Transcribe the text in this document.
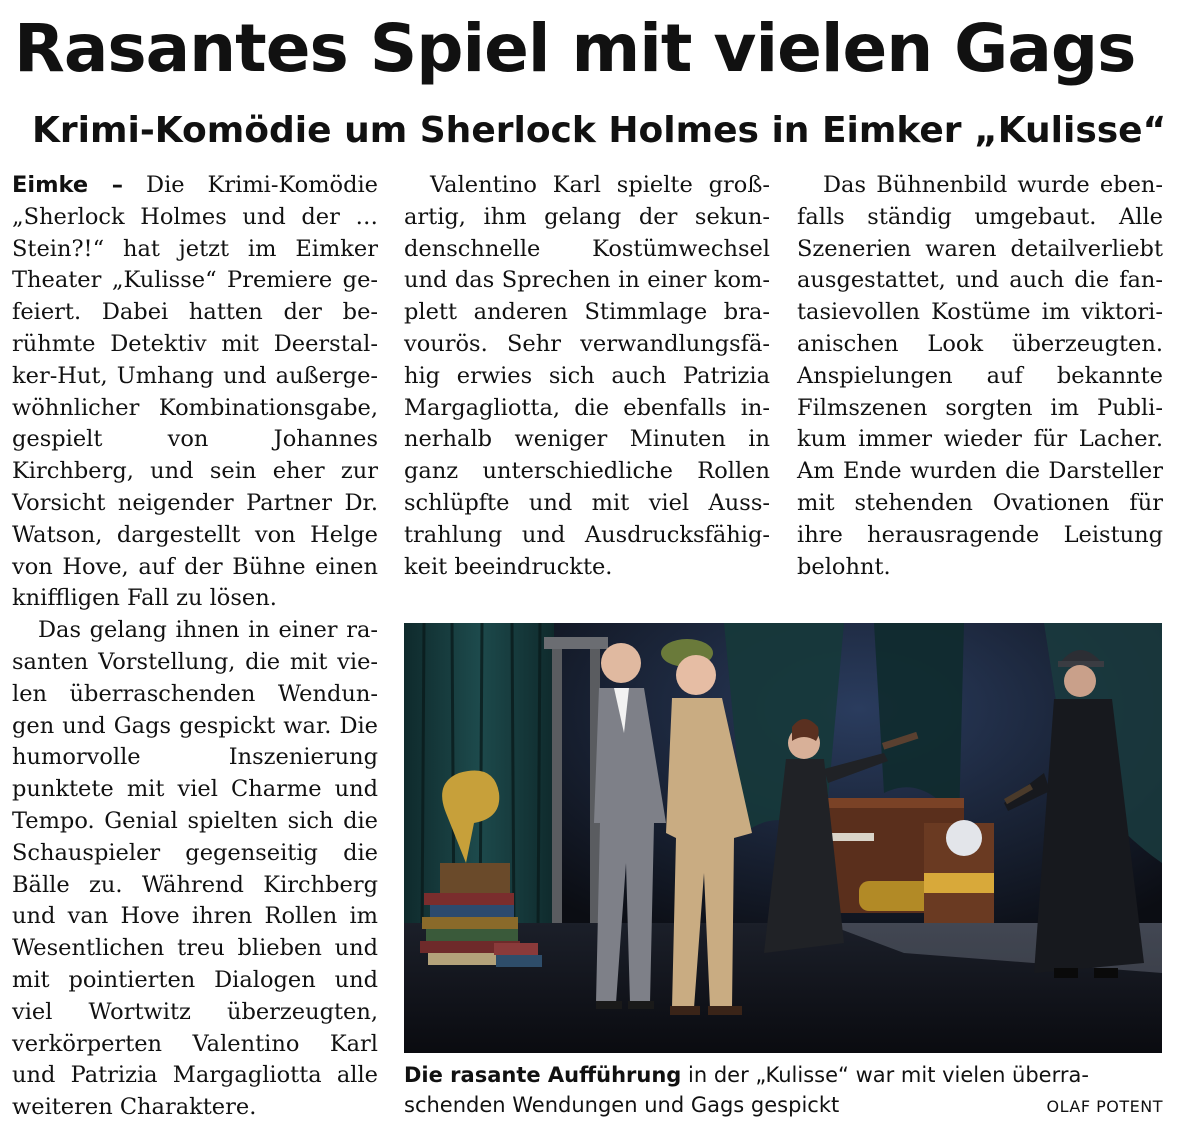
Rasantes Spiel mit vielen Gags
Krimi-Komödie um Sherlock Holmes in Eimker „Kulisse“

Eimke – Die Krimi-Komödie „Sherlock Holmes und der … Stein?!“ hat jetzt im Eimker Theater „Kulisse“ Premiere gefeiert. Dabei hatten der berühmte Detektiv mit Deerstalker-Hut, Umhang und außergewöhnlicher Kombinationsgabe, gespielt von Johannes Kirchberg, und sein eher zur Vorsicht neigender Partner Dr. Watson, dargestellt von Helge von Hove, auf der Bühne einen kniffligen Fall zu lösen.

Das gelang ihnen in einer rasanten Vorstellung, die mit vielen überraschenden Wendungen und Gags gespickt war. Die humorvolle Inszenierung punktete mit viel Charme und Tempo. Genial spielten sich die Schauspieler gegenseitig die Bälle zu. Während Kirchberg und van Hove ihren Rollen im Wesentlichen treu blieben und mit pointierten Dialogen und viel Wortwitz überzeugten, verkörperten Valentino Karl und Patrizia Margagliotta alle weiteren Charaktere.

Valentino Karl spielte großartig, ihm gelang der sekundenschnelle Kostümwechsel und das Sprechen in einer komplett anderen Stimmlage bravourös. Sehr verwandlungsfähig erwies sich auch Patrizia Margagliotta, die ebenfalls innerhalb weniger Minuten in ganz unterschiedliche Rollen schlüpfte und mit viel Ausstrahlung und Ausdrucksfähigkeit beeindruckte.

Das Bühnenbild wurde ebenfalls ständig umgebaut. Alle Szenerien waren detailverliebt ausgestattet, und auch die fantasievollen Kostüme im viktorianischen Look überzeugten. Anspielungen auf bekannte Filmszenen sorgten im Publikum immer wieder für Lacher. Am Ende wurden die Darsteller mit stehenden Ovationen für ihre herausragende Leistung belohnt.

Die rasante Aufführung in der „Kulisse“ war mit vielen überraschenden Wendungen und Gags gespickt	OLAF POTENT
